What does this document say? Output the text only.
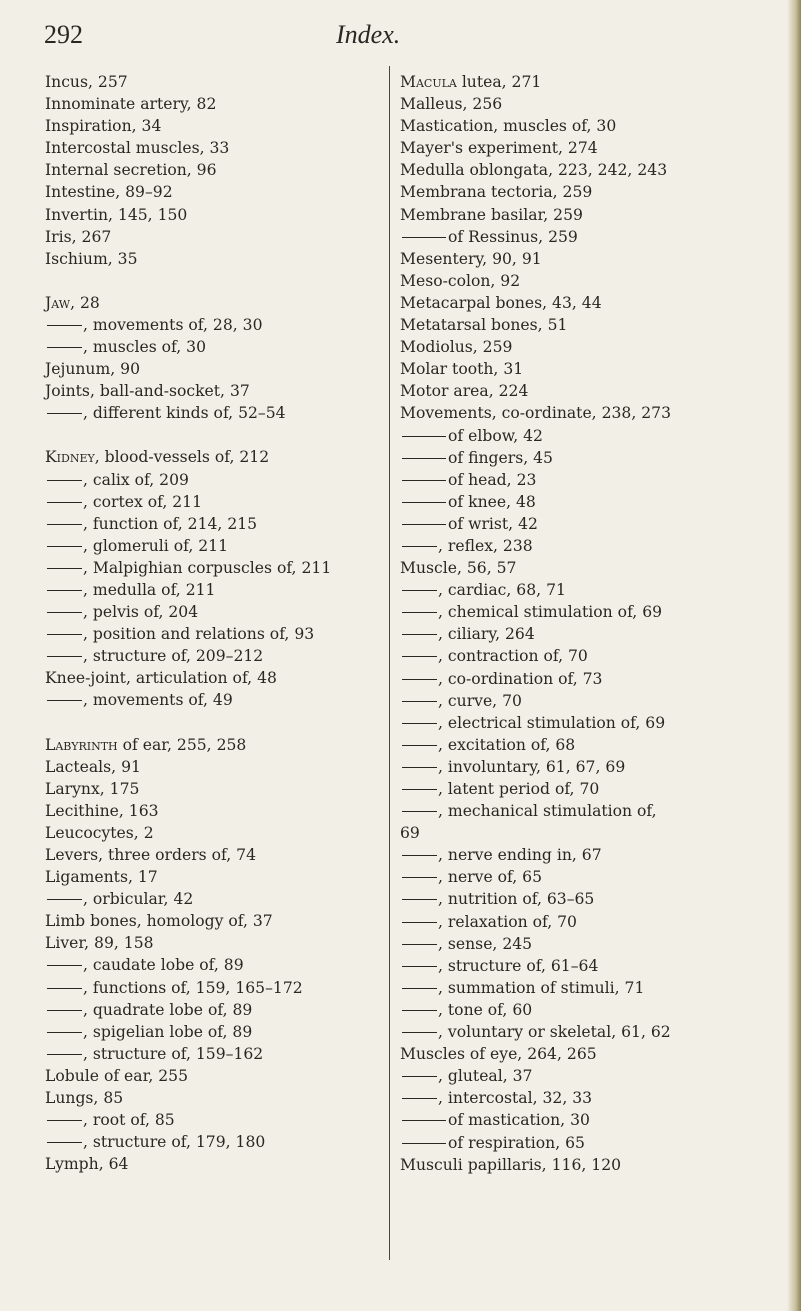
292	Index.
Incus, 257
Innominate artery, 82
Inspiration, 34
Intercostal muscles, 33
Internal secretion, 96
Intestine, 89–92
Invertin, 145, 150
Iris, 267
Ischium, 35
Jaw, 28
, movements of, 28, 30
, muscles of, 30
Jejunum, 90
Joints, ball-and-socket, 37
, different kinds of, 52–54
Kidney, blood-vessels of, 212
, calix of, 209
, cortex of, 211
, function of, 214, 215
, glomeruli of, 211
, Malpighian corpuscles of, 211
, medulla of, 211
, pelvis of, 204
, position and relations of, 93
, structure of, 209–212
Knee-joint, articulation of, 48
, movements of, 49
Labyrinth of ear, 255, 258
Lacteals, 91
Larynx, 175
Lecithine, 163
Leucocytes, 2
Levers, three orders of, 74
Ligaments, 17
, orbicular, 42
Limb bones, homology of, 37
Liver, 89, 158
, caudate lobe of, 89
, functions of, 159, 165–172
, quadrate lobe of, 89
, spigelian lobe of, 89
, structure of, 159–162
Lobule of ear, 255
Lungs, 85
, root of, 85
, structure of, 179, 180
Lymph, 64
Macula lutea, 271
Malleus, 256
Mastication, muscles of, 30
Mayer's experiment, 274
Medulla oblongata, 223, 242, 243
Membrana tectoria, 259
Membrane basilar, 259
of Ressinus, 259
Mesentery, 90, 91
Meso-colon, 92
Metacarpal bones, 43, 44
Metatarsal bones, 51
Modiolus, 259
Molar tooth, 31
Motor area, 224
Movements, co-ordinate, 238, 273
of elbow, 42
of fingers, 45
of head, 23
of knee, 48
of wrist, 42
, reflex, 238
Muscle, 56, 57
, cardiac, 68, 71
, chemical stimulation of, 69
, ciliary, 264
, contraction of, 70
, co-ordination of, 73
, curve, 70
, electrical stimulation of, 69
, excitation of, 68
, involuntary, 61, 67, 69
, latent period of, 70
, mechanical stimulation of,
69
, nerve ending in, 67
, nerve of, 65
, nutrition of, 63–65
, relaxation of, 70
, sense, 245
, structure of, 61–64
, summation of stimuli, 71
, tone of, 60
, voluntary or skeletal, 61, 62
Muscles of eye, 264, 265
, gluteal, 37
, intercostal, 32, 33
of mastication, 30
of respiration, 65
Musculi papillaris, 116, 120
